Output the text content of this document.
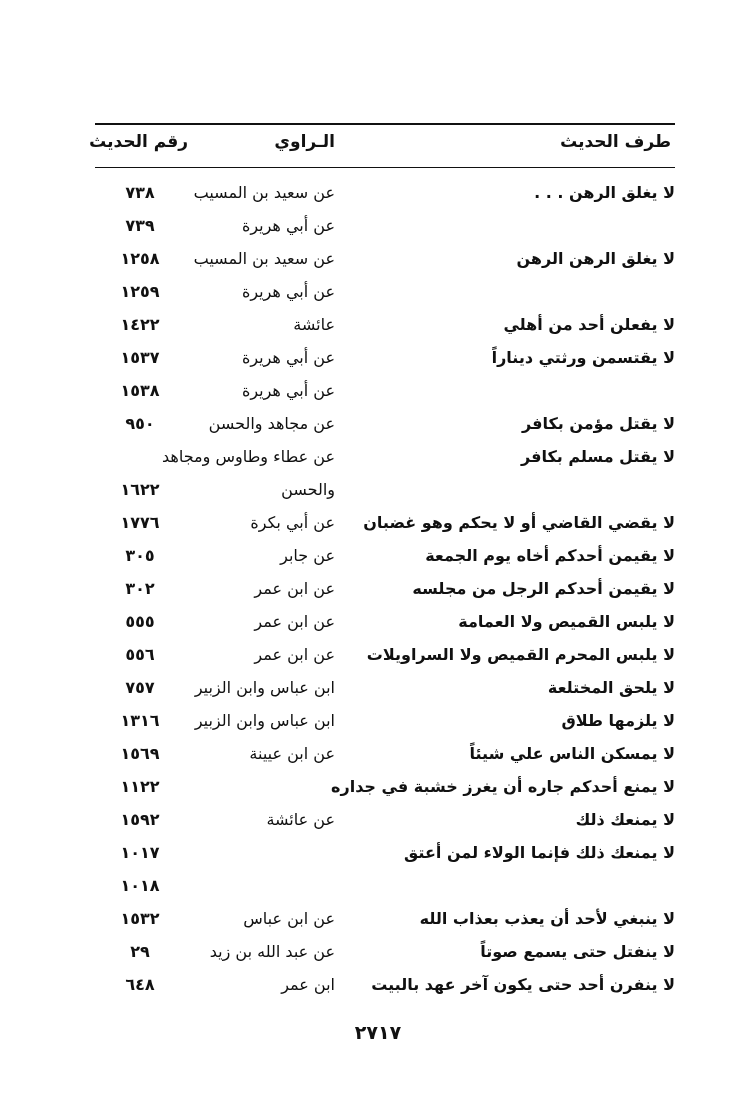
طرف الحديث
الـراوي
رقم الحديث
لا يغلق الرهن . . .
عن سعيد بن المسيب
٧٣٨
عن أبي هريرة
٧٣٩
لا يغلق الرهن الرهن
عن سعيد بن المسيب
١٢٥٨
عن أبي هريرة
١٢٥٩
لا يفعلن أحد من أهلي
عائشة
١٤٢٢
لا يقتسمن ورثتي ديناراً
عن أبي هريرة
١٥٣٧
عن أبي هريرة
١٥٣٨
لا يقتل مؤمن بكافر
عن مجاهد والحسن
٩٥٠
لا يقتل مسلم بكافر
عن عطاء وطاوس ومجاهد
والحسن
١٦٢٢
لا يقضي القاضي أو لا يحكم وهو غضبان
عن أبي بكرة
١٧٧٦
لا يقيمن أحدكم أخاه يوم الجمعة
عن جابر
٣٠٥
لا يقيمن أحدكم الرجل من مجلسه
عن ابن عمر
٣٠٢
لا يلبس القميص ولا العمامة
عن ابن عمر
٥٥٥
لا يلبس المحرم القميص ولا السراويلات
عن ابن عمر
٥٥٦
لا يلحق المختلعة
ابن عباس وابن الزبير
٧٥٧
لا يلزمها طلاق
ابن عباس وابن الزبير
١٣١٦
لا يمسكن الناس علي شيئاً
عن ابن عيينة
١٥٦٩
لا يمنع أحدكم جاره أن يغرز خشبة في جداره
١١٢٢
لا يمنعك ذلك
عن عائشة
١٥٩٢
لا يمنعك ذلك فإنما الولاء لمن أعتق
١٠١٧
١٠١٨
لا ينبغي لأحد أن يعذب بعذاب الله
عن ابن عباس
١٥٣٢
لا ينفتل حتى يسمع صوتاً
عن عبد الله بن زيد
٢٩
لا ينفرن أحد حتى يكون آخر عهد بالبيت
ابن عمر
٦٤٨
٢٧١٧
